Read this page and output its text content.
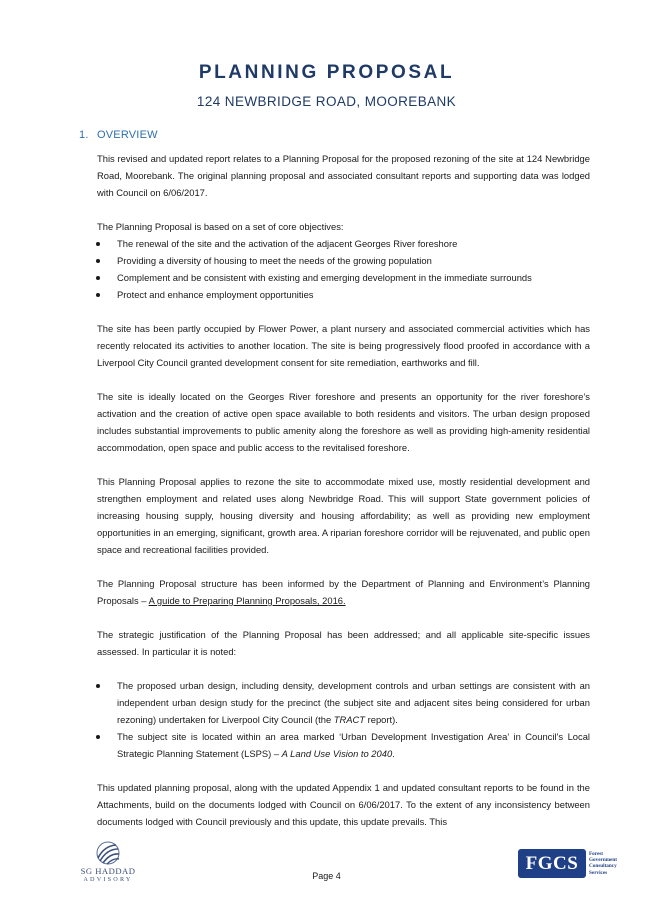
PLANNING PROPOSAL
124 NEWBRIDGE ROAD, MOOREBANK
1. OVERVIEW

This revised and updated report relates to a Planning Proposal for the proposed rezoning of the site at 124 Newbridge Road, Moorebank. The original planning proposal and associated consultant reports and supporting data was lodged with Council on 6/06/2017.

The Planning Proposal is based on a set of core objectives:

The renewal of the site and the activation of the adjacent Georges River foreshore
Providing a diversity of housing to meet the needs of the growing population
Complement and be consistent with existing and emerging development in the immediate surrounds
Protect and enhance employment opportunities

The site has been partly occupied by Flower Power, a plant nursery and associated commercial activities which has recently relocated its activities to another location. The site is being progressively flood proofed in accordance with a Liverpool City Council granted development consent for site remediation, earthworks and fill.

The site is ideally located on the Georges River foreshore and presents an opportunity for the river foreshore’s activation and the creation of active open space available to both residents and visitors. The urban design proposed includes substantial improvements to public amenity along the foreshore as well as providing high-amenity residential accommodation, open space and public access to the revitalised foreshore.

This Planning Proposal applies to rezone the site to accommodate mixed use, mostly residential development and strengthen employment and related uses along Newbridge Road. This will support State government policies of increasing housing supply, housing diversity and housing affordability; as well as providing new employment opportunities in an emerging, significant, growth area. A riparian foreshore corridor will be rejuvenated, and public open space and recreational facilities provided.

The Planning Proposal structure has been informed by the Department of Planning and Environment’s Planning Proposals – A guide to Preparing Planning Proposals, 2016.

The strategic justification of the Planning Proposal has been addressed; and all applicable site-specific issues assessed. In particular it is noted:

The proposed urban design, including density, development controls and urban settings are consistent with an independent urban design study for the precinct (the subject site and adjacent sites being considered for urban rezoning) undertaken for Liverpool City Council (the TRACT report).
The subject site is located within an area marked ‘Urban Development Investigation Area’ in Council’s Local Strategic Planning Statement (LSPS) – A Land Use Vision to 2040.

This updated planning proposal, along with the updated Appendix 1 and updated consultant reports to be found in the Attachments, build on the documents lodged with Council on 6/06/2017. To the extent of any inconsistency between documents lodged with Council previously and this update, this update prevails. This

SG HADDAD
ADVISORY	Page 4
FGCS	Forest
Government
Consultancy
Services
